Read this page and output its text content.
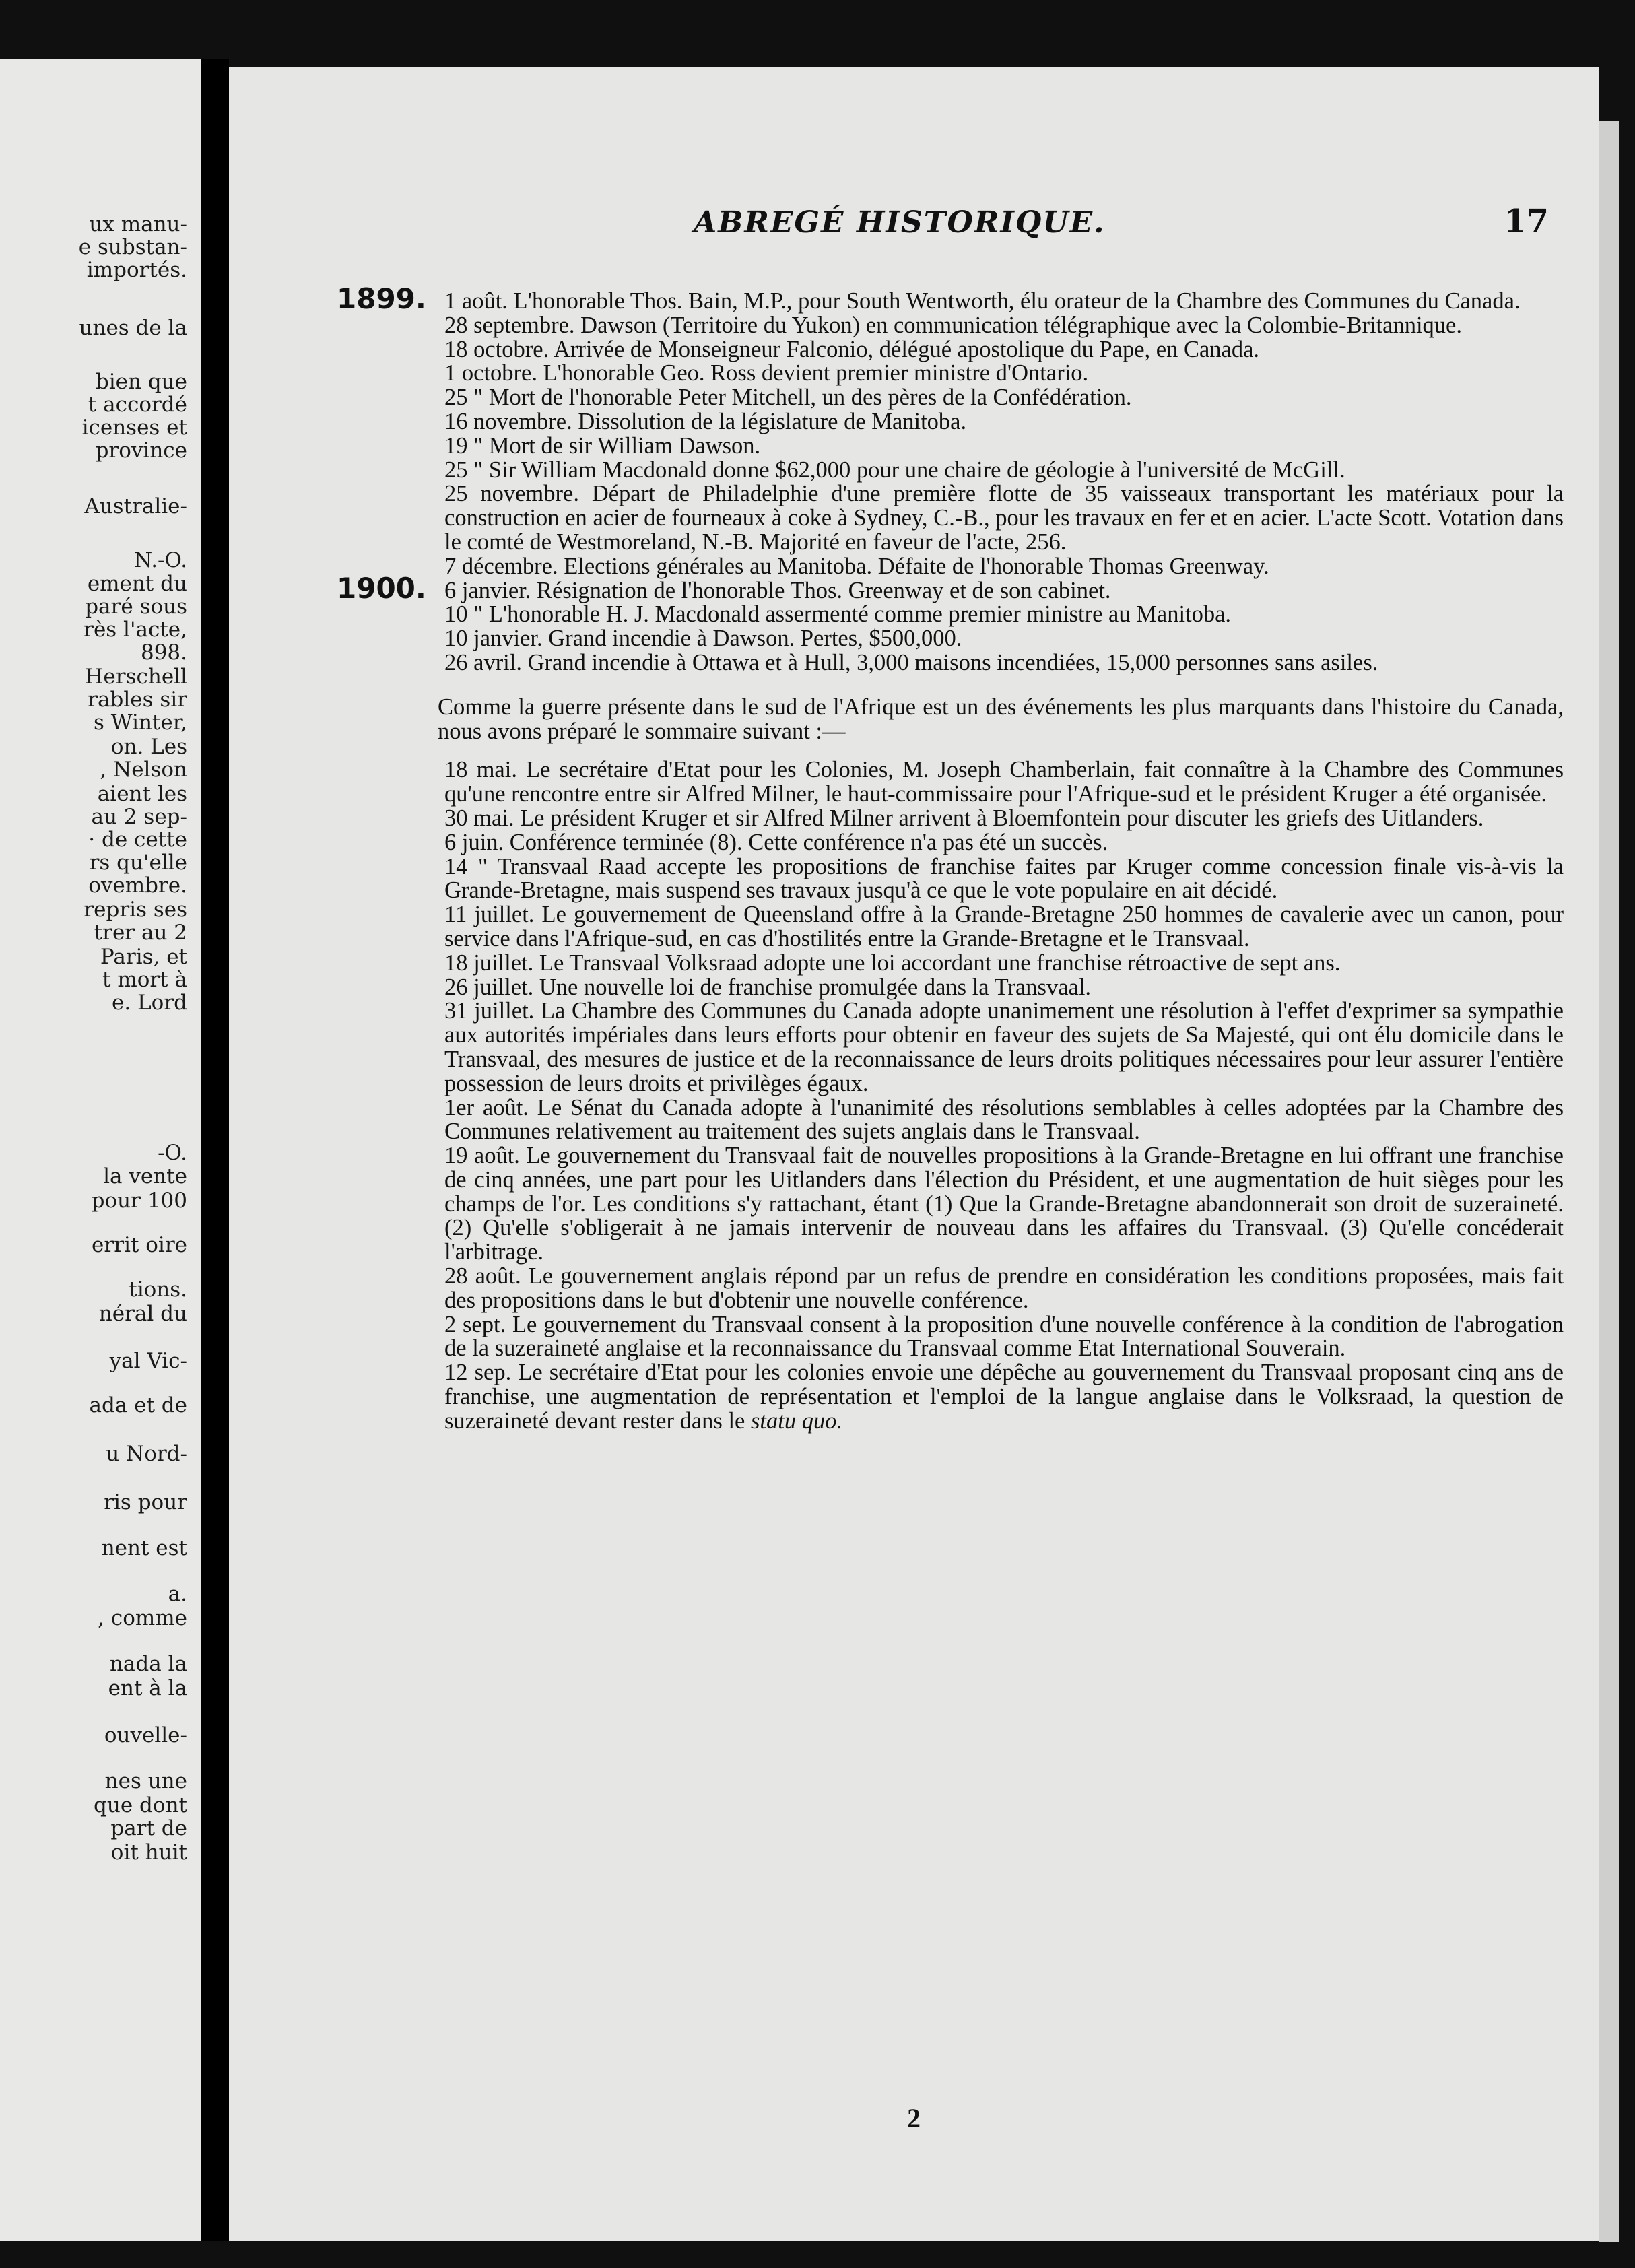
ux manu-
e substan-
importés.
unes de la
bien que
t accordé
icenses et
province
Australie-
N.-O.
ement du
paré sous
rès l'acte,
898.
Herschell
rables sir
s Winter,
on. Les
, Nelson
aient les
au 2 sep-
· de cette
rs qu'elle
ovembre.
repris ses
trer au 2
Paris, et
t mort à
e. Lord
-O.
la vente
pour 100
errit oire
tions.
néral du
yal Vic-
ada et de
u Nord-
ris pour
nent est
a.
, comme
nada la
ent à la
ouvelle-
nes une
que dont
part de
oit huit
ABREGÉ HISTORIQUE.	17
1899. 1 août. L'honorable Thos. Bain, M.P., pour South Wentworth, élu orateur de la Chambre des Communes du Canada.
28 septembre. Dawson (Territoire du Yukon) en communication télégraphique avec la Colombie-Britannique.
18 octobre. Arrivée de Monseigneur Falconio, délégué apostolique du Pape, en Canada.
1 octobre. L'honorable Geo. Ross devient premier ministre d'Ontario.
25 " Mort de l'honorable Peter Mitchell, un des pères de la Confédération.
16 novembre. Dissolution de la législature de Manitoba.
19 " Mort de sir William Dawson.
25 " Sir William Macdonald donne $62,000 pour une chaire de géologie à l'université de McGill.
25 novembre. Départ de Philadelphie d'une première flotte de 35 vaisseaux transportant les matériaux pour la construction en acier de fourneaux à coke à Sydney, C.-B., pour les travaux en fer et en acier. L'acte Scott. Votation dans le comté de Westmoreland, N.-B. Majorité en faveur de l'acte, 256.
7 décembre. Elections générales au Manitoba. Défaite de l'honorable Thomas Greenway.
1900. 6 janvier. Résignation de l'honorable Thos. Greenway et de son cabinet.
10 " L'honorable H. J. Macdonald assermenté comme premier ministre au Manitoba.
10 janvier. Grand incendie à Dawson. Pertes, $500,000.
26 avril. Grand incendie à Ottawa et à Hull, 3,000 maisons incendiées, 15,000 personnes sans asiles.
Comme la guerre présente dans le sud de l'Afrique est un des événements les plus marquants dans l'histoire du Canada, nous avons préparé le sommaire suivant :—
18 mai. Le secrétaire d'Etat pour les Colonies, M. Joseph Chamberlain, fait connaître à la Chambre des Communes qu'une rencontre entre sir Alfred Milner, le haut-commissaire pour l'Afrique-sud et le président Kruger a été organisée.
30 mai. Le président Kruger et sir Alfred Milner arrivent à Bloemfontein pour discuter les griefs des Uitlanders.
6 juin. Conférence terminée (8). Cette conférence n'a pas été un succès.
14 " Transvaal Raad accepte les propositions de franchise faites par Kruger comme concession finale vis-à-vis la Grande-Bretagne, mais suspend ses travaux jusqu'à ce que le vote populaire en ait décidé.
11 juillet. Le gouvernement de Queensland offre à la Grande-Bretagne 250 hommes de cavalerie avec un canon, pour service dans l'Afrique-sud, en cas d'hostilités entre la Grande-Bretagne et le Transvaal.
18 juillet. Le Transvaal Volksraad adopte une loi accordant une franchise rétroactive de sept ans.
26 juillet. Une nouvelle loi de franchise promulgée dans la Transvaal.
31 juillet. La Chambre des Communes du Canada adopte unanimement une résolution à l'effet d'exprimer sa sympathie aux autorités impériales dans leurs efforts pour obtenir en faveur des sujets de Sa Majesté, qui ont élu domicile dans le Transvaal, des mesures de justice et de la reconnaissance de leurs droits politiques nécessaires pour leur assurer l'entière possession de leurs droits et privilèges égaux.
1er août. Le Sénat du Canada adopte à l'unanimité des résolutions semblables à celles adoptées par la Chambre des Communes relativement au traitement des sujets anglais dans le Transvaal.
19 août. Le gouvernement du Transvaal fait de nouvelles propositions à la Grande-Bretagne en lui offrant une franchise de cinq années, une part pour les Uitlanders dans l'élection du Président, et une augmentation de huit sièges pour les champs de l'or. Les conditions s'y rattachant, étant (1) Que la Grande-Bretagne abandonnerait son droit de suzeraineté. (2) Qu'elle s'obligerait à ne jamais intervenir de nouveau dans les affaires du Transvaal. (3) Qu'elle concéderait l'arbitrage.
28 août. Le gouvernement anglais répond par un refus de prendre en considération les conditions proposées, mais fait des propositions dans le but d'obtenir une nouvelle conférence.
2 sept. Le gouvernement du Transvaal consent à la proposition d'une nouvelle conférence à la condition de l'abrogation de la suzeraineté anglaise et la reconnaissance du Transvaal comme Etat International Souverain.
12 sep. Le secrétaire d'Etat pour les colonies envoie une dépêche au gouvernement du Transvaal proposant cinq ans de franchise, une augmentation de représentation et l'emploi de la langue anglaise dans le Volksraad, la question de suzeraineté devant rester dans le statu quo.
2
